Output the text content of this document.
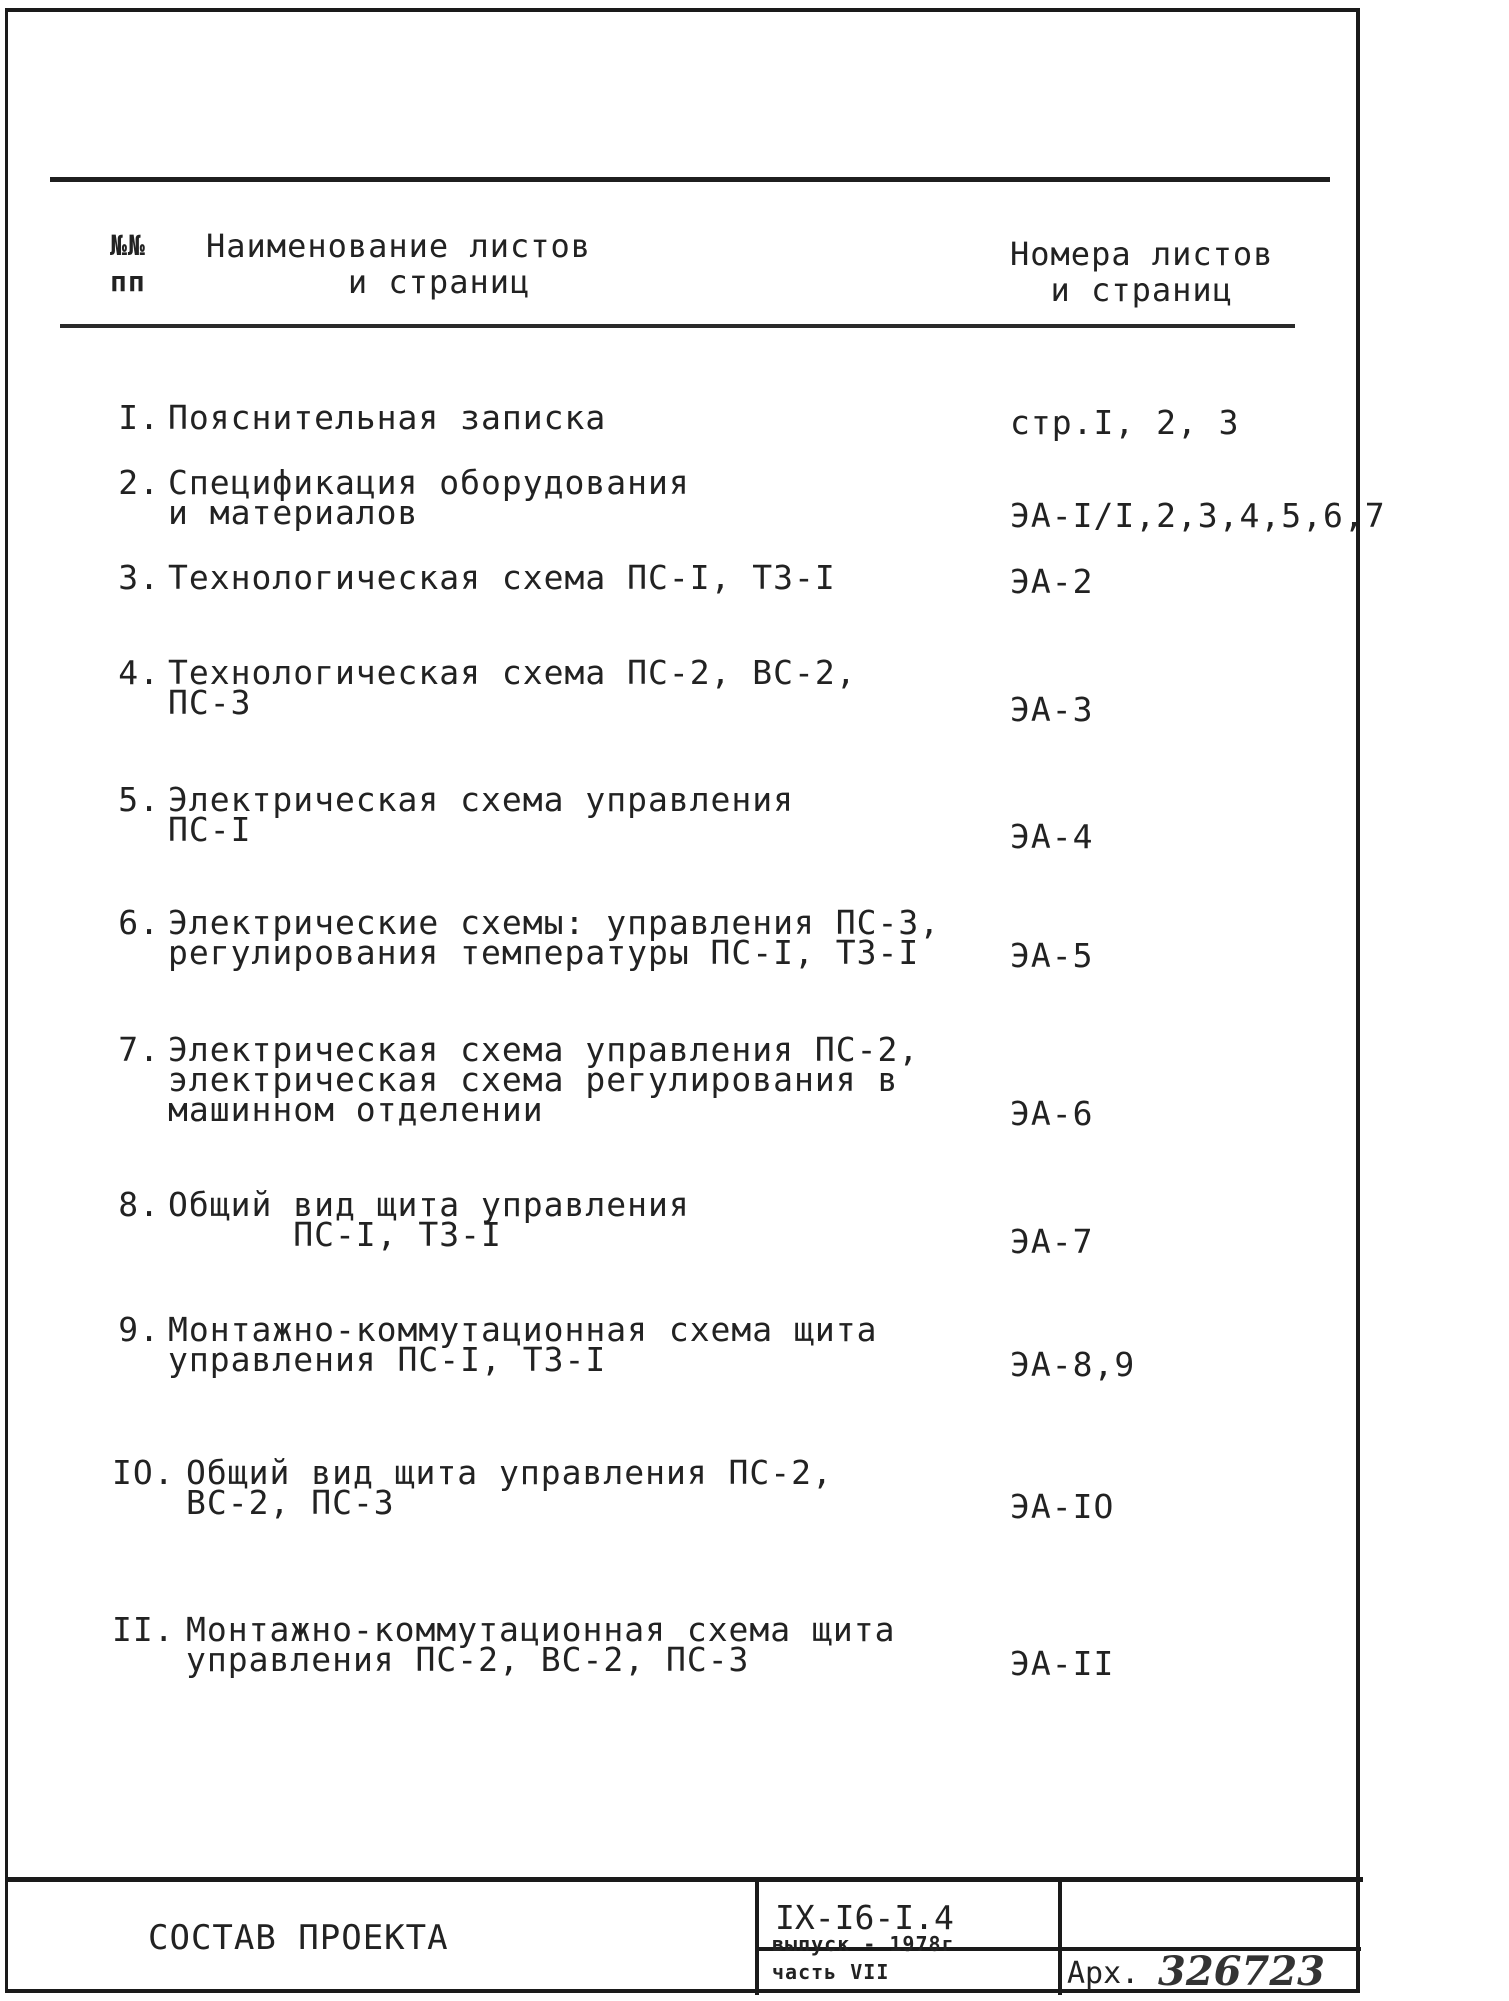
№№
пп
Наименование листов
и страниц
Номера листов
и страниц
I. Пояснительная записка	стр.I, 2, 3
2. Спецификация оборудования
и материалов	ЭА-I/I,2,3,4,5,6,7
3. Технологическая схема ПС-I, ТЗ-I	ЭА-2
4. Технологическая схема ПС-2, ВС-2,
ПС-3	ЭА-3
5. Электрическая схема управления
ПС-I	ЭА-4
6. Электрические схемы: управления ПС-3,
регулирования температуры ПС-I, ТЗ-I	ЭА-5
7. Электрическая схема управления ПС-2,
электрическая схема регулирования в
машинном отделении	ЭА-6
8. Общий вид щита управления
ПС-I, ТЗ-I	ЭА-7
9. Монтажно-коммутационная схема щита
управления ПС-I, ТЗ-I	ЭА-8,9
IO. Общий вид щита управления ПС-2,
ВС-2, ПС-3	ЭА-IO
II. Монтажно-коммутационная схема щита
управления ПС-2, ВС-2, ПС-3	ЭА-II
СОСТАВ ПРОЕКТА
IX-I6-I.4
выпуск - 1978г
часть VII	Арх. 326723
